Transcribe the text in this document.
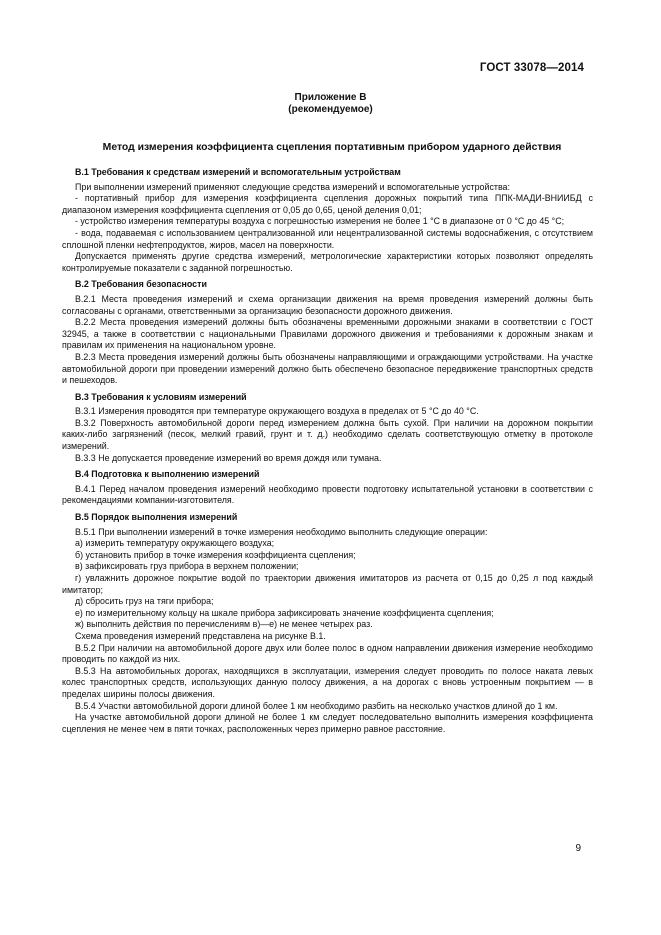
ГОСТ 33078—2014
Приложение В
(рекомендуемое)
Метод измерения коэффициента сцепления портативным прибором ударного действия

В.1 Требования к средствам измерений и вспомогательным устройствам

При выполнении измерений применяют следующие средства измерений и вспомогательные устройства:

- портативный прибор для измерения коэффициента сцепления дорожных покрытий типа ППК-МАДИ-ВНИИБД с диапазоном измерения коэффициента сцепления от 0,05 до 0,65, ценой деления 0,01;

- устройство измерения температуры воздуха с погрешностью измерения не более 1 °С в диапазоне от 0 °С до 45 °С;

- вода, подаваемая с использованием централизованной или нецентрализованной системы водоснабжения, с отсутствием сплошной пленки нефтепродуктов, жиров, масел на поверхности.

Допускается применять другие средства измерений, метрологические характеристики которых позволяют определять контролируемые показатели с заданной погрешностью.

В.2 Требования безопасности

В.2.1 Места проведения измерений и схема организации движения на время проведения измерений должны быть согласованы с органами, ответственными за организацию безопасности дорожного движения.

В.2.2 Места проведения измерений должны быть обозначены временными дорожными знаками в соответствии с ГОСТ 32945, а также в соответствии с национальными Правилами дорожного движения и требованиями к дорожным знакам и правилам их применения на национальном уровне.

В.2.3 Места проведения измерений должны быть обозначены направляющими и ограждающими устройствами. На участке автомобильной дороги при проведении измерений должно быть обеспечено безопасное передвижение транспортных средств и пешеходов.

В.3 Требования к условиям измерений

В.3.1 Измерения проводятся при температуре окружающего воздуха в пределах от 5 °С до 40 °С.

В.3.2 Поверхность автомобильной дороги перед измерением должна быть сухой. При наличии на дорожном покрытии каких-либо загрязнений (песок, мелкий гравий, грунт и т. д.) необходимо сделать соответствующую отметку в протоколе измерений.

В.3.3 Не допускается проведение измерений во время дождя или тумана.

В.4 Подготовка к выполнению измерений

В.4.1 Перед началом проведения измерений необходимо провести подготовку испытательной установки в соответствии с рекомендациями компании-изготовителя.

В.5 Порядок выполнения измерений

В.5.1 При выполнении измерений в точке измерения необходимо выполнить следующие операции:

а) измерить температуру окружающего воздуха;

б) установить прибор в точке измерения коэффициента сцепления;

в) зафиксировать груз прибора в верхнем положении;

г) увлажнить дорожное покрытие водой по траектории движения имитаторов из расчета от 0,15 до 0,25 л под каждый имитатор;

д) сбросить груз на тяги прибора;

е) по измерительному кольцу на шкале прибора зафиксировать значение коэффициента сцепления;

ж) выполнить действия по перечислениям в)—е) не менее четырех раз.

Схема проведения измерений представлена на рисунке В.1.

В.5.2 При наличии на автомобильной дороге двух или более полос в одном направлении движения измерение необходимо проводить по каждой из них.

В.5.3 На автомобильных дорогах, находящихся в эксплуатации, измерения следует проводить по полосе наката левых колес транспортных средств, использующих данную полосу движения, а на дорогах с вновь устроенным покрытием — в пределах ширины полосы движения.

В.5.4 Участки автомобильной дороги длиной более 1 км необходимо разбить на несколько участков длиной до 1 км.

На участке автомобильной дороги длиной не более 1 км следует последовательно выполнить измерения коэффициента сцепления не менее чем в пяти точках, расположенных через примерно равное расстояние.

9
